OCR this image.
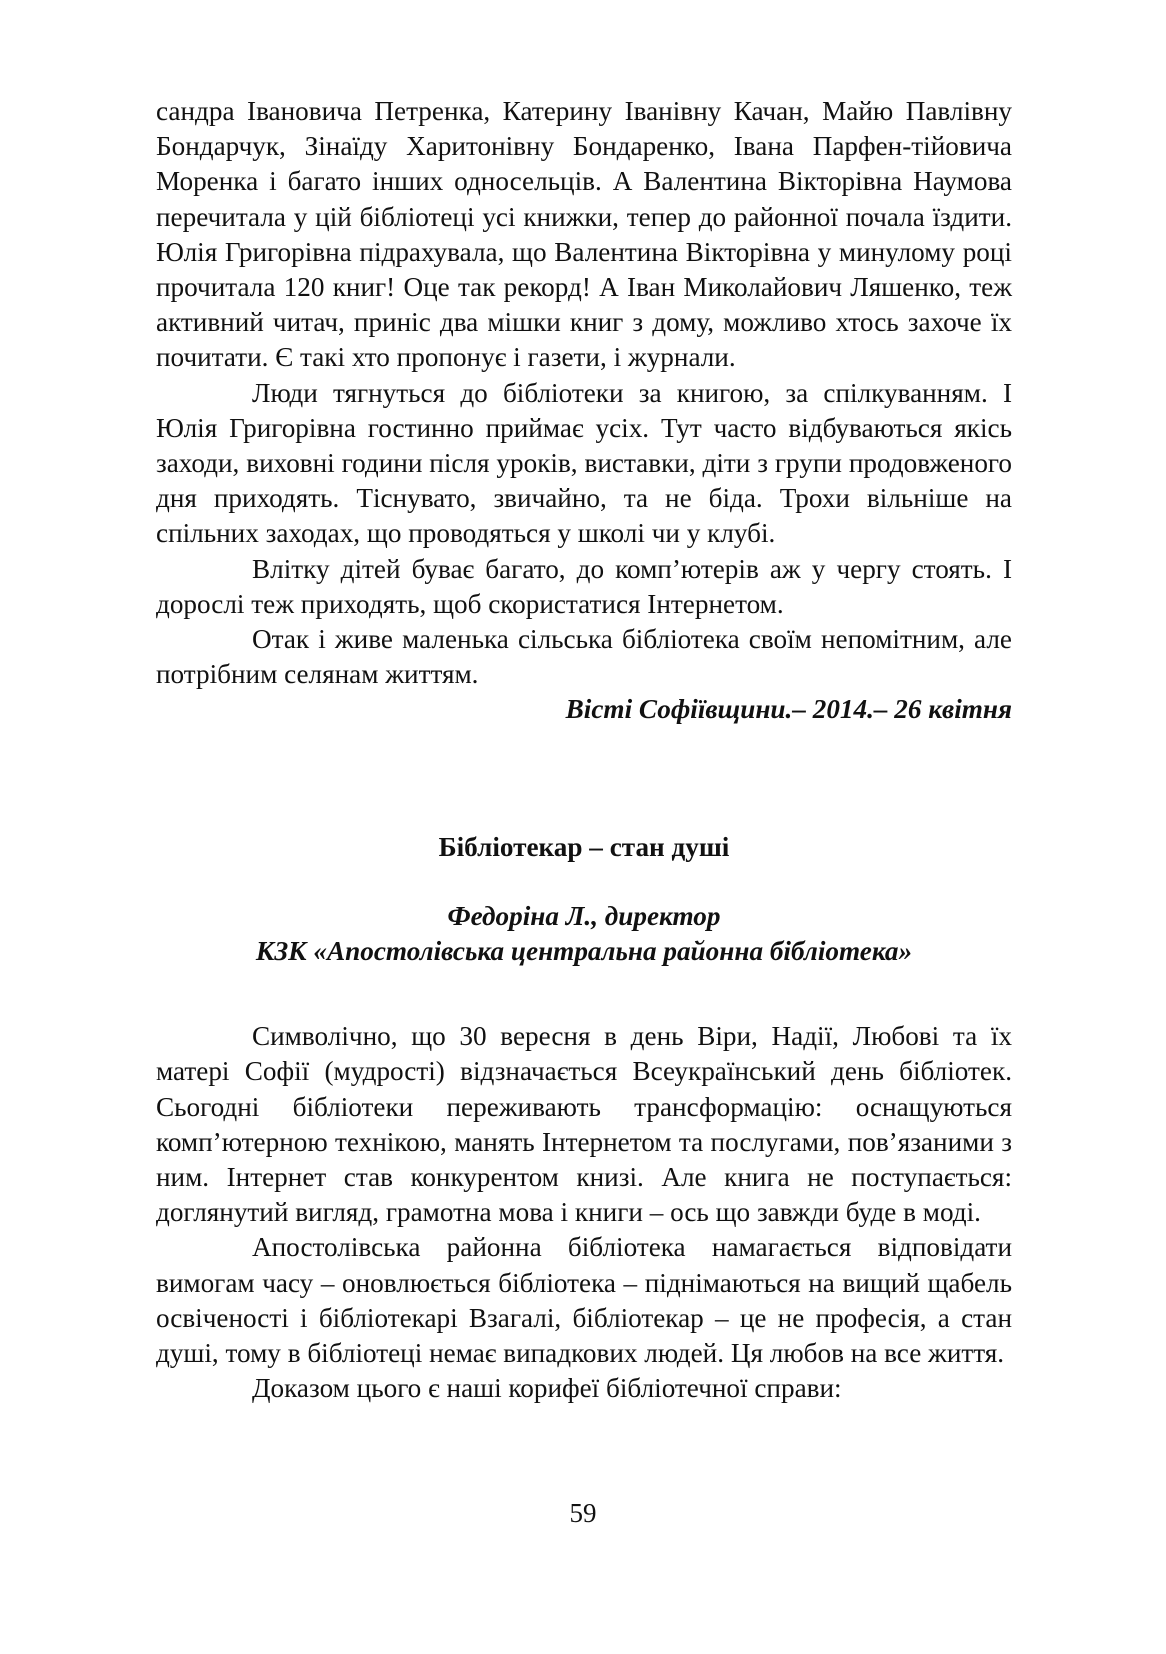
сандра Івановича Петренка, Катерину Іванівну Качан, Майю Павлівну Бондарчук, Зінаїду Харитонівну Бондаренко, Івана Парфен-тійовича Моренка і багато інших односельців. А Валентина Вікторівна Наумова перечитала у цій бібліотеці усі книжки, тепер до районної почала їздити. Юлія Григорівна підрахувала, що Валентина Вікторівна у минулому році прочитала 120 книг! Оце так рекорд! А Іван Миколайович Ляшенко, теж активний читач, приніс два мішки книг з дому, можливо хтось захоче їх почитати. Є такі хто пропонує і газети, і журнали.

Люди тягнуться до бібліотеки за книгою, за спілкуванням. І Юлія Григорівна гостинно приймає усіх. Тут часто відбуваються якісь заходи, виховні години після уроків, виставки, діти з групи продовженого дня приходять. Тіснувато, звичайно, та не біда. Трохи вільніше на спільних заходах, що проводяться у школі чи у клубі.

Влітку дітей буває багато, до комп’ютерів аж у чергу стоять. І дорослі теж приходять, щоб скористатися Інтернетом.

Отак і живе маленька сільська бібліотека своїм непомітним, але потрібним селянам життям.

Вісті Софіївщини.– 2014.– 26 квітня

Бібліотекар – стан душі
Федоріна Л., директор
КЗК «Апостолівська центральна районна бібліотека»

Символічно, що 30 вересня в день Віри, Надії, Любові та їх матері Софії (мудрості) відзначається Всеукраїнський день бібліотек. Сьогодні бібліотеки переживають трансформацію: оснащуються комп’ютерною технікою, манять Інтернетом та послугами, пов’язаними з ним. Інтернет став конкурентом книзі. Але книга не поступається: доглянутий вигляд, грамотна мова і книги – ось що завжди буде в моді.

Апостолівська районна бібліотека намагається відповідати вимогам часу – оновлюється бібліотека – піднімаються на вищий щабель освіченості і бібліотекарі Взагалі, бібліотекар – це не професія, а стан душі, тому в бібліотеці немає випадкових людей. Ця любов на все життя.

Доказом цього є наші корифеї бібліотечної справи:

59
